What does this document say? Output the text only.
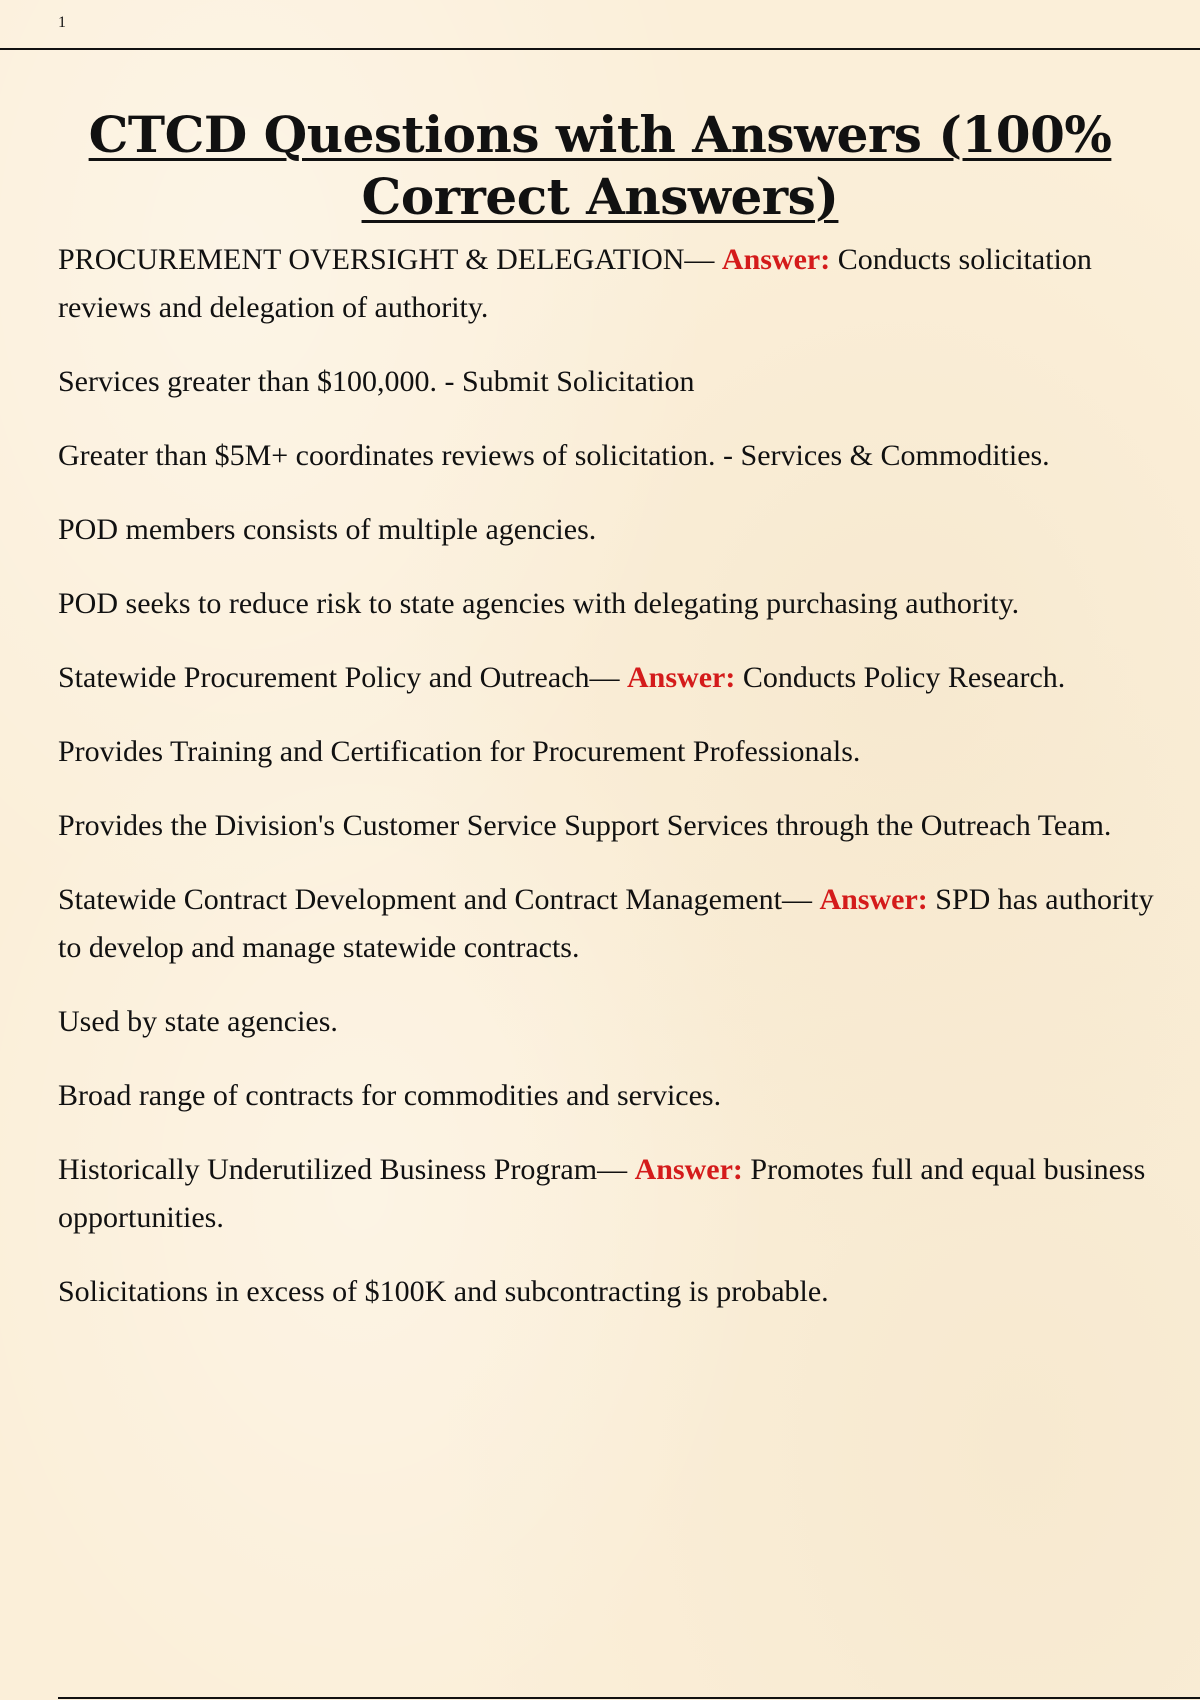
1
CTCD Questions with Answers (100% Correct Answers)

PROCUREMENT OVERSIGHT & DELEGATION— Answer: Conducts solicitation reviews and delegation of authority.

Services greater than $100,000. - Submit Solicitation

Greater than $5M+ coordinates reviews of solicitation. - Services & Commodities.

POD members consists of multiple agencies.

POD seeks to reduce risk to state agencies with delegating purchasing authority.

Statewide Procurement Policy and Outreach— Answer: Conducts Policy Research.

Provides Training and Certification for Procurement Professionals.

Provides the Division's Customer Service Support Services through the Outreach Team.

Statewide Contract Development and Contract Management— Answer: SPD has authority to develop and manage statewide contracts.

Used by state agencies.

Broad range of contracts for commodities and services.

Historically Underutilized Business Program— Answer: Promotes full and equal business opportunities.

Solicitations in excess of $100K and subcontracting is probable.
